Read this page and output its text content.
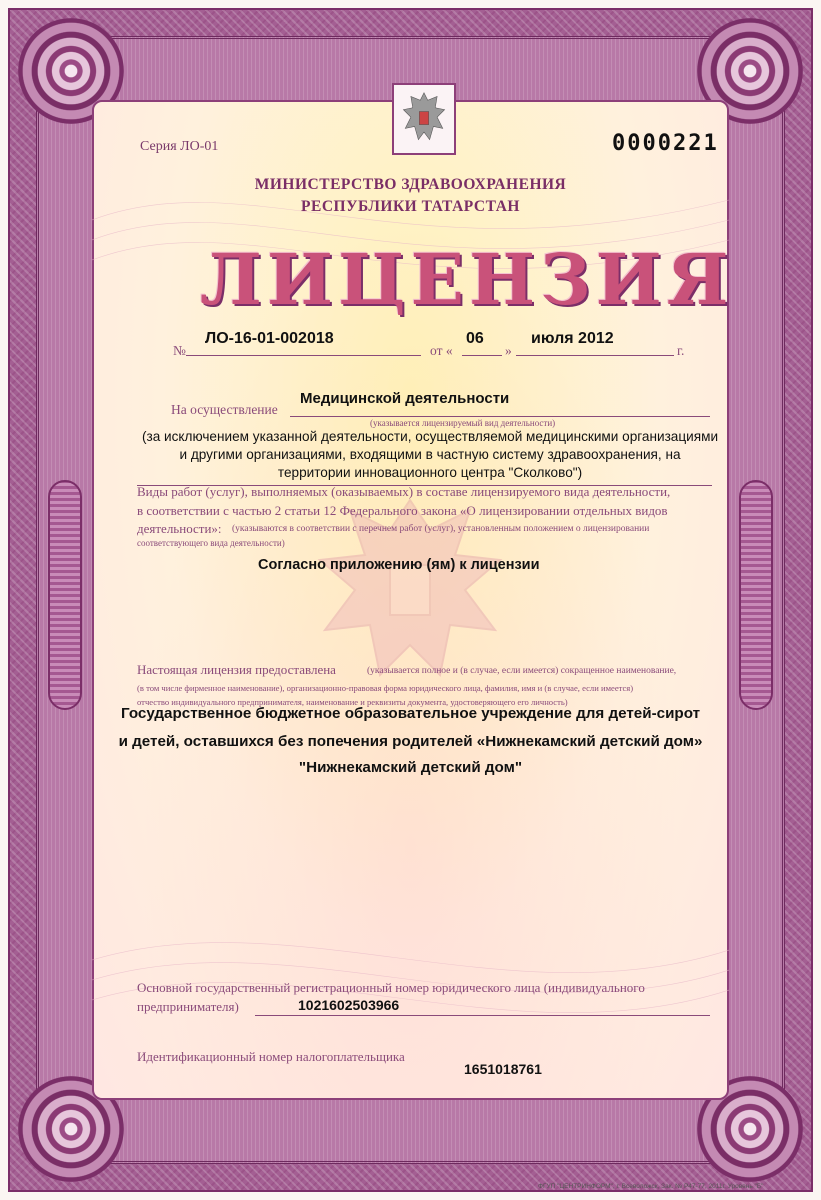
Серия ЛО-01	0000221

МИНИСТЕРСТВО ЗДРАВООХРАНЕНИЯ

РЕСПУБЛИКИ ТАТАРСТАН

ЛИЦЕНЗИЯ

№

ЛО-16-01-002018

от «

06

»

июля 2012

г.

На осуществление

Медицинской деятельности

(указывается лицензируемый вид деятельности)

(за исключением указанной деятельности, осуществляемой медицинскими организациями

и другими организациями, входящими в частную систему здравоохранения, на

территории инновационного центра "Сколково")

Виды работ (услуг), выполняемых (оказываемых) в составе лицензируемого вида деятельности,

в соответствии с частью 2 статьи 12 Федерального закона «О лицензировании отдельных видов

деятельности»: (указываются в соответствии с перечнем работ (услуг), установленным положением о лицензировании

соответствующего вида деятельности)

Согласно приложению (ям) к лицензии

Настоящая лицензия предоставлена	(указывается полное и (в случае, если имеется) сокращенное наименование,

(в том числе фирменное наименование), организационно-правовая форма юридического лица, фамилия, имя и (в случае, если имеется)

отчество индивидуального предпринимателя, наименование и реквизиты документа, удостоверяющего его личность)

Государственное бюджетное образовательное учреждение для детей-сирот

и детей, оставшихся без попечения родителей «Нижнекамский детский дом»

"Нижнекамский детский дом"

Основной государственный регистрационный номер юридического лица (индивидуального

предпринимателя)	1021602503966

Идентификационный номер налогоплательщика

1651018761

ФГУП "ЦЕНТРИНФОРМ", г. Всеволожск, Зак. № Р47-77, 2011г. Уровень "Б"
